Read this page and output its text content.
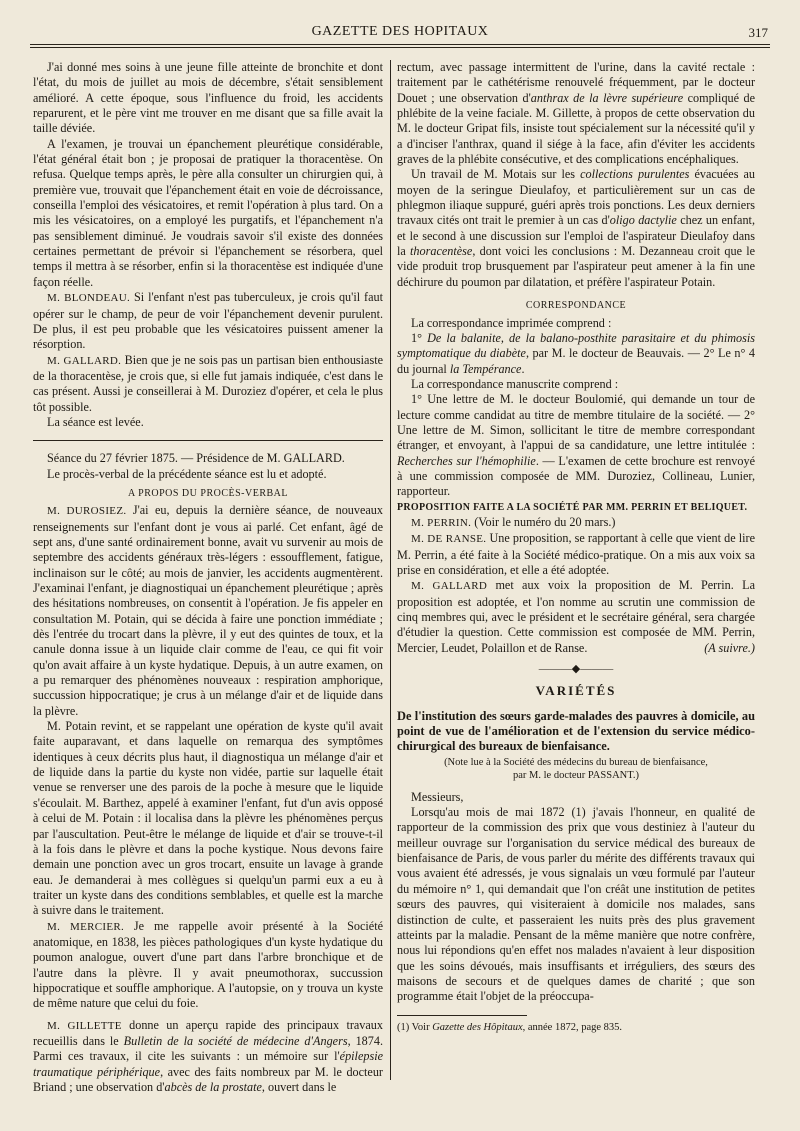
GAZETTE DES HOPITAUX	317

J'ai donné mes soins à une jeune fille atteinte de bronchite et dont l'état, du mois de juillet au mois de décembre, s'était sensiblement amélioré. A cette époque, sous l'influence du froid, les accidents reparurent, et le père vint me trouver en me disant que sa fille avait la taille déviée.

A l'examen, je trouvai un épanchement pleurétique considérable, l'état général était bon ; je proposai de pratiquer la thoracentèse. On refusa. Quelque temps après, le père alla consulter un chirurgien qui, à première vue, trouvait que l'épanchement était en voie de décroissance, conseilla l'emploi des vésicatoires, et remit l'opération à plus tard. On a mis les vésicatoires, on a employé les purgatifs, et l'épanchement n'a pas sensiblement diminué. Je voudrais savoir s'il existe des données certaines permettant de prévoir si l'épanchement se résorbera, quel temps il mettra à se résorber, enfin si la thoracentèse est indiquée d'une façon réelle.

M. BLONDEAU. Si l'enfant n'est pas tuberculeux, je crois qu'il faut opérer sur le champ, de peur de voir l'épanchement devenir purulent. De plus, il est peu probable que les vésicatoires puissent amener la résorption.

M. GALLARD. Bien que je ne sois pas un partisan bien enthousiaste de la thoracentèse, je crois que, si elle fut jamais indiquée, c'est dans le cas présent. Aussi je conseillerai à M. Duroziez d'opérer, et cela le plus tôt possible.

La séance est levée.

Séance du 27 février 1875. — Présidence de M. GALLARD.

Le procès-verbal de la précédente séance est lu et adopté.

A PROPOS DU PROCÈS-VERBAL

M. DUROSIEZ. J'ai eu, depuis la dernière séance, de nouveaux renseignements sur l'enfant dont je vous ai parlé. Cet enfant, âgé de sept ans, d'une santé ordinairement bonne, avait vu survenir au mois de septembre des accidents généraux très-légers : essoufflement, fatigue, inclinaison sur le côté; au mois de janvier, les accidents augmentèrent. J'examinai l'enfant, je diagnostiquai un épanchement pleurétique ; après des hésitations nombreuses, on consentit à l'opération. Je fis appeler en consultation M. Potain, qui se décida à faire une ponction immédiate ; dès l'entrée du trocart dans la plèvre, il y eut des quintes de toux, et la canule donna issue à un liquide clair comme de l'eau, ce qui fit voir qu'on avait affaire à un kyste hydatique. Depuis, à un autre examen, on a pu remarquer des phénomènes nouveaux : respiration amphorique, succussion hippocratique; je crus à un mélange d'air et de liquide dans la plèvre.

M. Potain revint, et se rappelant une opération de kyste qu'il avait faite auparavant, et dans laquelle on remarqua des symptômes identiques à ceux décrits plus haut, il diagnostiqua un mélange d'air et de liquide dans la partie du kyste non vidée, partie sur laquelle était venue se renverser une des parois de la poche à mesure que le liquide s'écoulait. M. Barthez, appelé à examiner l'enfant, fut d'un avis opposé à celui de M. Potain : il localisa dans la plèvre les phénomènes perçus par l'auscultation. Peut-être le mélange de liquide et d'air se trouve-t-il à la fois dans le plèvre et dans la poche kystique. Nous devons faire demain une ponction avec un gros trocart, ensuite un lavage à grande eau. Je demanderai à mes collègues si quelqu'un parmi eux a eu à traiter un kyste dans des conditions semblables, et quelle est la marche à suivre dans le traitement.

M. MERCIER. Je me rappelle avoir présenté à la Société anatomique, en 1838, les pièces pathologiques d'un kyste hydatique du poumon analogue, ouvert d'une part dans l'arbre bronchique et de l'autre dans la plèvre. Il y avait pneumothorax, succussion hippocratique et souffle amphorique. A l'autopsie, on y trouva un kyste de même nature que celui du foie.

M. GILLETTE donne un aperçu rapide des principaux travaux recueillis dans le Bulletin de la société de médecine d'Angers, 1874. Parmi ces travaux, il cite les suivants : un mémoire sur l'épilepsie traumatique périphérique, avec des faits nombreux par M. le docteur Briand ; une observation d'abcès de la prostate, ouvert dans le

rectum, avec passage intermittent de l'urine, dans la cavité rectale : traitement par le cathétérisme renouvelé fréquemment, par le docteur Douet ; une observation d'anthrax de la lèvre supérieure compliqué de phlébite de la veine faciale. M. Gillette, à propos de cette observation du M. le docteur Gripat fils, insiste tout spécialement sur la nécessité qu'il y a d'inciser l'anthrax, quand il siége à la face, afin d'éviter les accidents graves de la phlébite consécutive, et des complications encéphaliques.

Un travail de M. Motais sur les collections purulentes évacuées au moyen de la seringue Dieulafoy, et particulièrement sur un cas de phlegmon iliaque suppuré, guéri après trois ponctions. Les deux derniers travaux cités ont trait le premier à un cas d'oligo dactylie chez un enfant, et le second à une discussion sur l'emploi de l'aspirateur Dieulafoy dans la thoracentèse, dont voici les conclusions : M. Dezanneau croit que le vide produit trop brusquement par l'aspirateur peut amener à la fin une déchirure du poumon par dilatation, et préfère l'aspirateur Potain.

CORRESPONDANCE

La correspondance imprimée comprend :

1° De la balanite, de la balano-posthite parasitaire et du phimosis symptomatique du diabète, par M. le docteur de Beauvais. — 2° Le n° 4 du journal la Tempérance.

La correspondance manuscrite comprend :

1° Une lettre de M. le docteur Boulomié, qui demande un tour de lecture comme candidat au titre de membre titulaire de la société. — 2° Une lettre de M. Simon, sollicitant le titre de membre correspondant étranger, et envoyant, à l'appui de sa candidature, une lettre intitulée : Recherches sur l'hémophilie. — L'examen de cette brochure est renvoyé à une commission composée de MM. Duroziez, Collineau, Lunier, rapporteur.

PROPOSITION FAITE A LA SOCIÉTÉ PAR MM. PERRIN ET BELIQUET.

M. PERRIN. (Voir le numéro du 20 mars.)

M. DE RANSE. Une proposition, se rapportant à celle que vient de lire M. Perrin, a été faite à la Société médico-pratique. On a mis aux voix sa prise en considération, et elle a été adoptée.

M. GALLARD met aux voix la proposition de M. Perrin. La proposition est adoptée, et l'on nomme au scrutin une commission de cinq membres qui, avec le président et le secrétaire général, sera chargée d'étudier la question. Cette commission est composée de MM. Perrin, Mercier, Leudet, Polaillon et de Ranse.	(A suivre.)

———◆———
VARIÉTÉS

De l'institution des sœurs garde-malades des pauvres à domicile, au point de vue de l'amélioration et de l'extension du service médico-chirurgical des bureaux de bienfaisance.

(Note lue à la Société des médecins du bureau de bienfaisance,
par M. le docteur PASSANT.)

Messieurs,

Lorsqu'au mois de mai 1872 (1) j'avais l'honneur, en qualité de rapporteur de la commission des prix que vous destiniez à l'auteur du meilleur ouvrage sur l'organisation du service médical des bureaux de bienfaisance de Paris, de vous parler du mérite des différents travaux qui vous avaient été adressés, je vous signalais un vœu formulé par l'auteur du mémoire n° 1, qui demandait que l'on créât une institution de petites sœurs des pauvres, qui visiteraient à domicile nos malades, sans distinction de culte, et passeraient les nuits près des plus gravement atteints par la maladie. Pensant de la même manière que notre confrère, nous lui répondions qu'en effet nos malades n'avaient à leur disposition que les soins dévoués, mais insuffisants et irréguliers, des sœurs des maisons de secours et de quelques dames de charité ; que son programme était l'objet de la préoccupa-

(1) Voir Gazette des Hôpitaux, année 1872, page 835.
